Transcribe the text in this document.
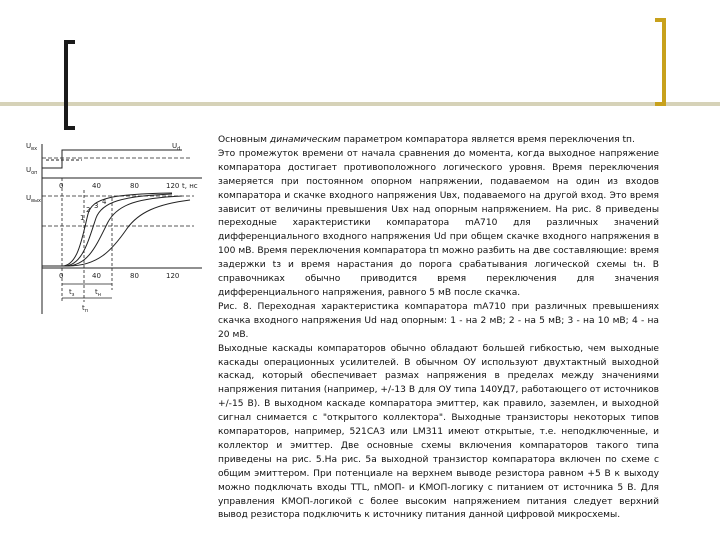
$U_{вх}$
$U_{оп}$
$U_{вых}$
$U_d$
0	40	80	120 t, нс
0	40	80	120
1
2 3 4
$t_з$	$t_н$
$t_п$

Основным динамическим параметром компаратора является время переключения tп.

Это промежуток времени от начала сравнения до момента, когда выходное напряжение компаратора достигает противоположного логического уровня. Время переключения замеряется при постоянном опорном напряжении, подаваемом на один из входов компаратора и скачке входного напряжения Uвх, подаваемого на другой вход. Это время зависит от величины превышения Uвх над опорным напряжением. На рис. 8 приведены переходные характеристики компаратора mA710 для различных значений дифференциального входного напряжения Ud при общем скачке входного напряжения в 100 мВ. Время переключения компаратора tп можно разбить на две составляющие: время задержки tз и время нарастания до порога срабатывания логической схемы tн. В справочниках обычно приводится время переключения для значения дифференциального напряжения, равного 5 мВ после скачка.

Рис. 8. Переходная характеристика компаратора mA710 при различных превышениях скачка входного напряжения Ud над опорным: 1 - на 2 мВ; 2 - на 5 мВ; 3 - на 10 мВ; 4 - на 20 мВ.

Выходные каскады компараторов обычно обладают большей гибкостью, чем выходные каскады операционных усилителей. В обычном ОУ используют двухтактный выходной каскад, который обеспечивает размах напряжения в пределах между значениями напряжения питания (например, +/-13 В для ОУ типа 140УД7, работающего от источников +/-15 В). В выходном каскаде компаратора эмиттер, как правило, заземлен, и выходной сигнал снимается с "открытого коллектора". Выходные транзисторы некоторых типов компараторов, например, 521СА3 или LM311 имеют открытые, т.е. неподключенные, и коллектор и эмиттер. Две основные схемы включения компараторов такого типа приведены на рис. 5.На рис. 5а выходной транзистор компаратора включен по схеме с общим эмиттером. При потенциале на верхнем выводе резистора равном +5 В к выходу можно подключать входы TTL, nМОП- и КМОП-логику с питанием от источника 5 В. Для управления КМОП-логикой с более высоким напряжением питания следует верхний вывод резистора подключить к источнику питания данной цифровой микросхемы.
